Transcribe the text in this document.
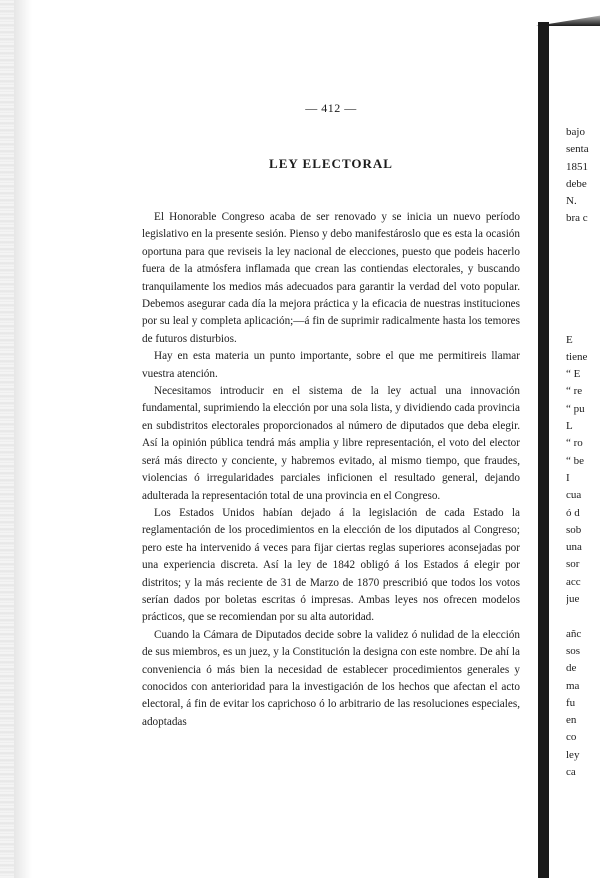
— 412 —
LEY ELECTORAL

El Honorable Congreso acaba de ser renovado y se inicia un nuevo período legislativo en la presente sesión. Pienso y debo manifestároslo que es esta la ocasión oportuna para que reviseis la ley nacional de elecciones, puesto que podeis hacerlo fuera de la atmósfera inflamada que crean las contiendas electorales, y buscando tranquilamente los medios más adecuados para garantir la verdad del voto popular. Debemos asegurar cada día la mejora práctica y la eficacia de nuestras instituciones por su leal y completa aplicación;—á fin de suprimir radicalmente hasta los temores de futuros disturbios.

Hay en esta materia un punto importante, sobre el que me permitireis llamar vuestra atención.

Necesitamos introducir en el sistema de la ley actual una innovación fundamental, suprimiendo la elección por una sola lista, y dividiendo cada provincia en subdistritos electorales proporcionados al número de diputados que deba elegir. Así la opinión pública tendrá más amplia y libre representación, el voto del elector será más directo y conciente, y habremos evitado, al mismo tiempo, que fraudes, violencias ó irregularidades parciales inficionen el resultado general, dejando adulterada la representación total de una provincia en el Congreso.

Los Estados Unidos habían dejado á la legislación de cada Estado la reglamentación de los procedimientos en la elección de los diputados al Congreso; pero este ha intervenido á veces para fijar ciertas reglas superiores aconsejadas por una experiencia discreta. Así la ley de 1842 obligó á los Estados á elegir por distritos; y la más reciente de 31 de Marzo de 1870 prescribió que todos los votos serían dados por boletas escritas ó impresas. Ambas leyes nos ofrecen modelos prácticos, que se recomiendan por su alta autoridad.

Cuando la Cámara de Diputados decide sobre la validez ó nulidad de la elección de sus miembros, es un juez, y la Constitución la designa con este nombre. De ahí la conveniencia ó más bien la necesidad de establecer procedimientos generales y conocidos con anterioridad para la investigación de los hechos que afectan el acto electoral, á fin de evitar los caprichoso ó lo arbitrario de las resoluciones especiales, adoptadas

bajo
senta
1851
debe
N.
bra c
E
tiene
“ E
“ re
“ pu
L
“ ro
“ be
I
cua
ó d
sob
una
sor
acc
jue
añc
sos
de
ma
fu
en
co
ley
ca
